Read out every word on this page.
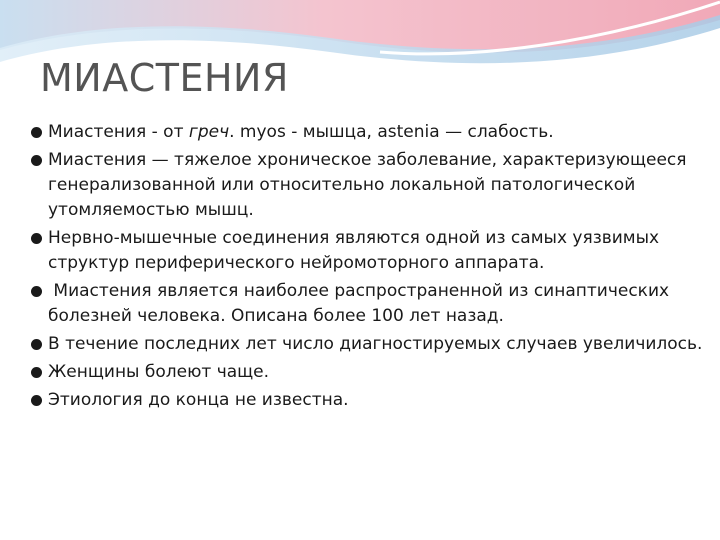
МИАСТЕНИЯ
Миастения - от греч. myos - мышца, astenia — слабость.
Миастения — тяжелое хроническое заболевание, характеризующееся генерализованной или относительно локальной патологической утомляемостью мышц.
Нервно-мышечные соединения являются одной из самых уязвимых структур периферического нейромоторного аппарата.
Миастения является наиболее распространенной из синаптических болезней человека. Описана более 100 лет назад.
В течение последних лет число диагностируемых случаев увеличилось.
Женщины болеют чаще.
Этиология до конца не известна.
